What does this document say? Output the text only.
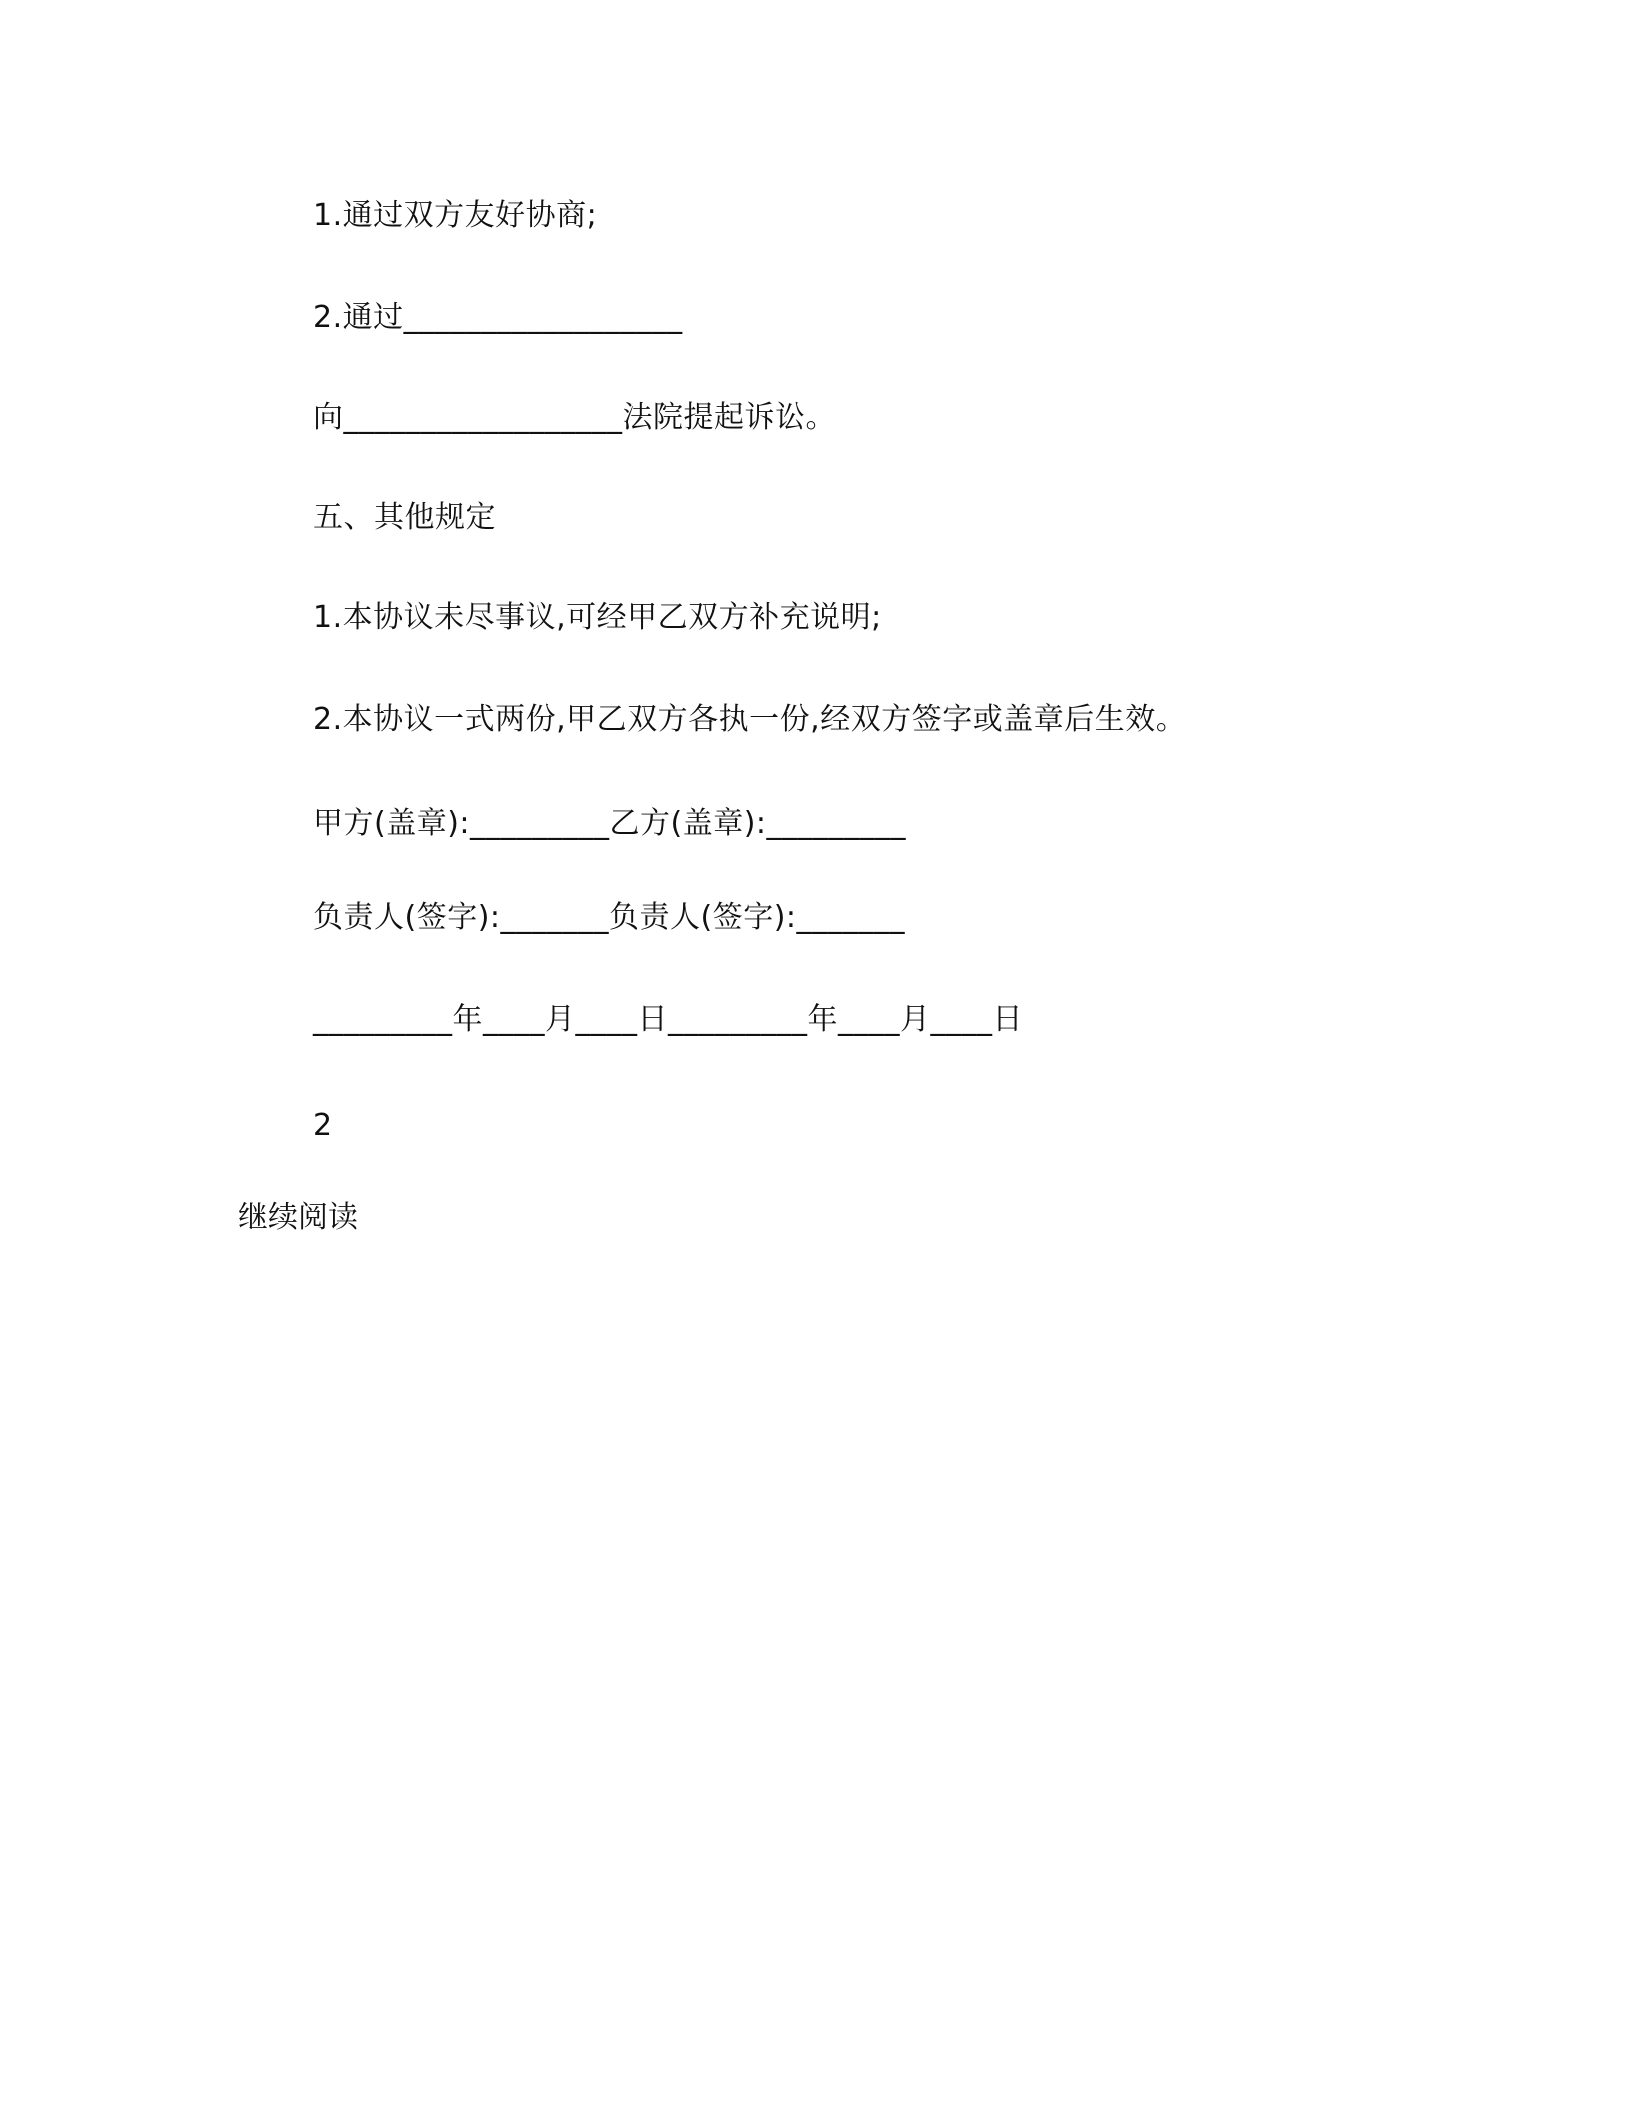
1.通过双方友好协商;
2.通过__________________
向__________________法院提起诉讼。
五、其他规定
1.本协议未尽事议,可经甲乙双方补充说明;
2.本协议一式两份,甲乙双方各执一份,经双方签字或盖章后生效。
甲方(盖章):_________乙方(盖章):_________
负责人(签字):_______负责人(签字):_______
_________年____月____日_________年____月____日
2
继续阅读
